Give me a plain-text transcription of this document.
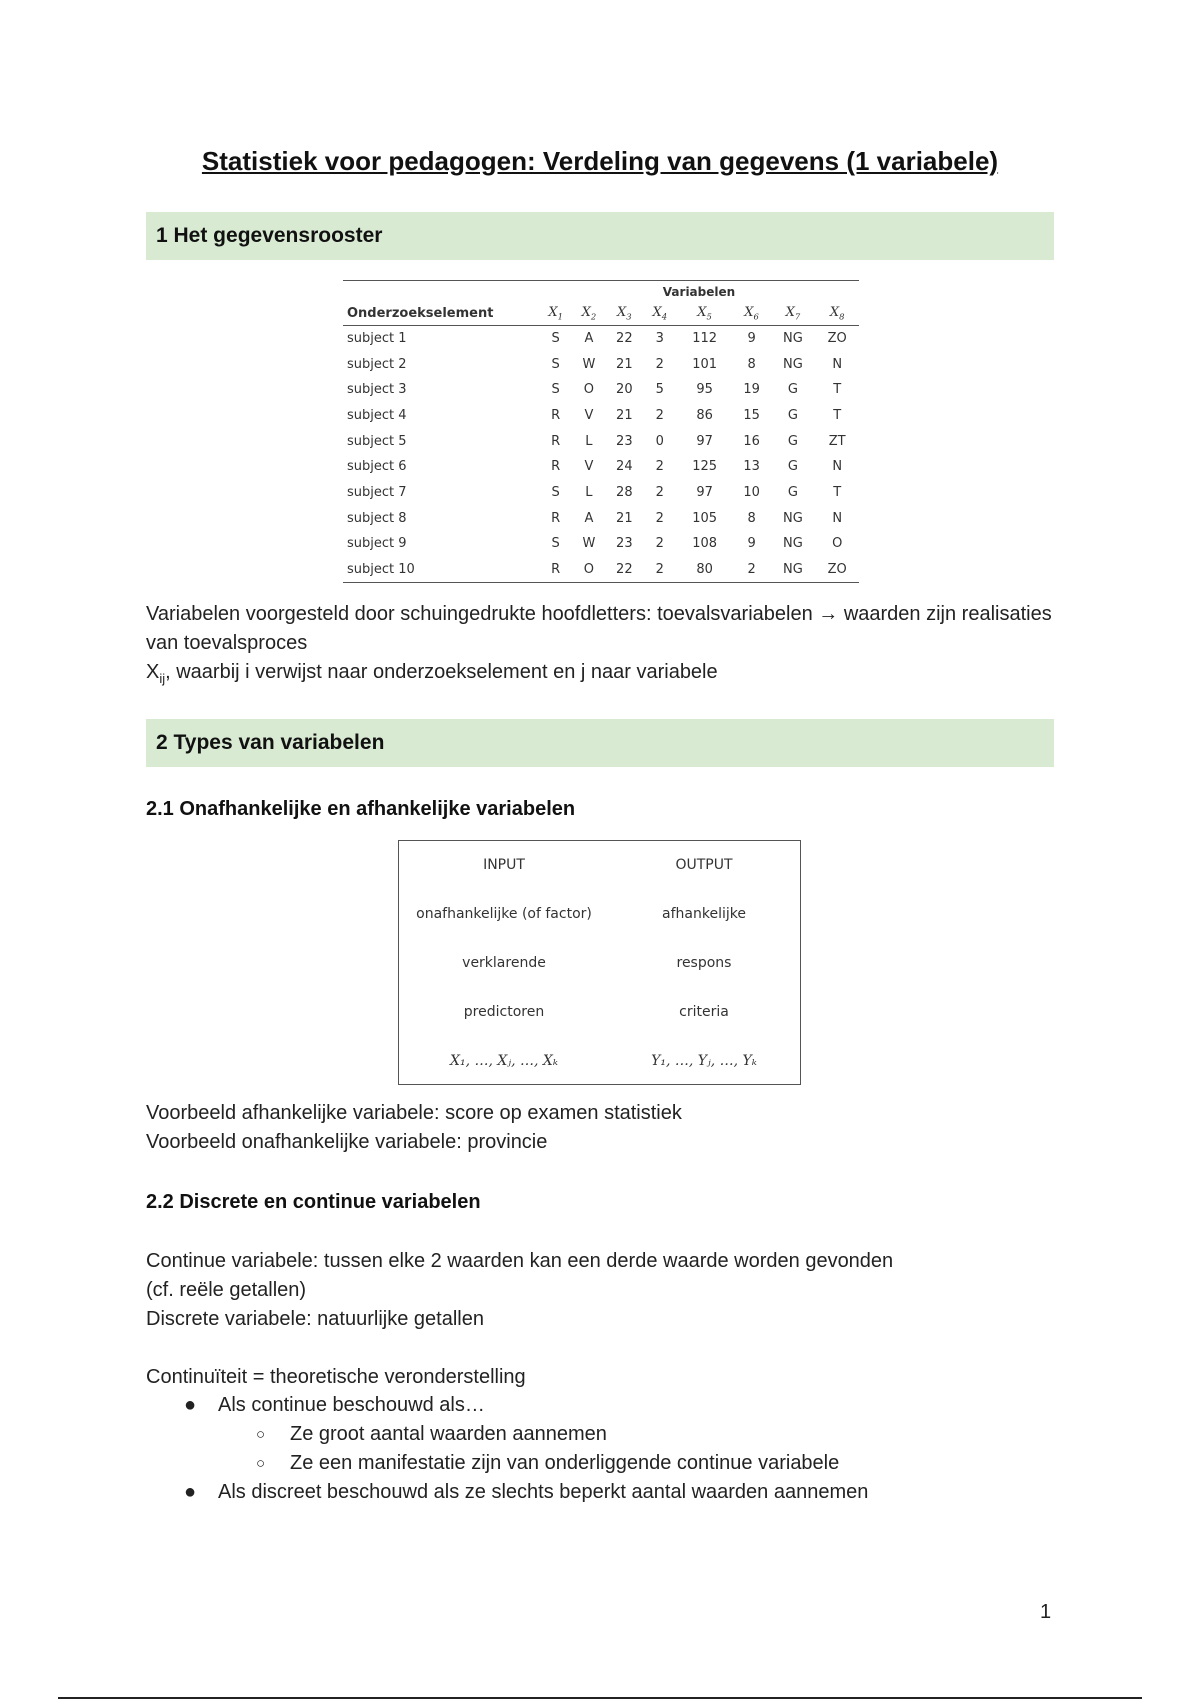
Statistiek voor pedagogen: Verdeling van gegevens (1 variabele)
1 Het gegevensrooster
		Variabelen							
Onderzoekselement		$X_1$	$X_2$	$X_3$	$X_4$	$X_5$	$X_6$	$X_7$	$X_8$
subject 1		S	A	22	3	112	9	NG	ZO
subject 2		S	W	21	2	101	8	NG	N
subject 3		S	O	20	5	95	19	G	T
subject 4		R	V	21	2	86	15	G	T
subject 5		R	L	23	0	97	16	G	ZT
subject 6		R	V	24	2	125	13	G	N
subject 7		S	L	28	2	97	10	G	T
subject 8		R	A	21	2	105	8	NG	N
subject 9		S	W	23	2	108	9	NG	O
subject 10		R	O	22	2	80	2	NG	ZO

Variabelen voorgesteld door schuingedrukte hoofdletters: toevalsvariabelen → waarden zijn realisaties van toevalsproces

$X_{ij}$, waarbij i verwijst naar onderzoekselement en j naar variabele

2 Types van variabelen
2.1 Onafhankelijke en afhankelijke variabelen
INPUT	OUTPUT
onafhankelijke (of factor)	afhankelijke
verklarende	respons
predictoren	criteria
X₁, …, Xⱼ, …, Xₖ	Y₁, …, Yⱼ, …, Yₖ

Voorbeeld afhankelijke variabele: score op examen statistiek

Voorbeeld onafhankelijke variabele: provincie

2.2 Discrete en continue variabelen

Continue variabele: tussen elke 2 waarden kan een derde waarde worden gevonden

(cf. reële getallen)

Discrete variabele: natuurlijke getallen

Continuïteit = theoretische veronderstelling

● Als continue beschouwd als…
○ Ze groot aantal waarden aannemen
○ Ze een manifestatie zijn van onderliggende continue variabele
● Als discreet beschouwd als ze slechts beperkt aantal waarden aannemen
1
